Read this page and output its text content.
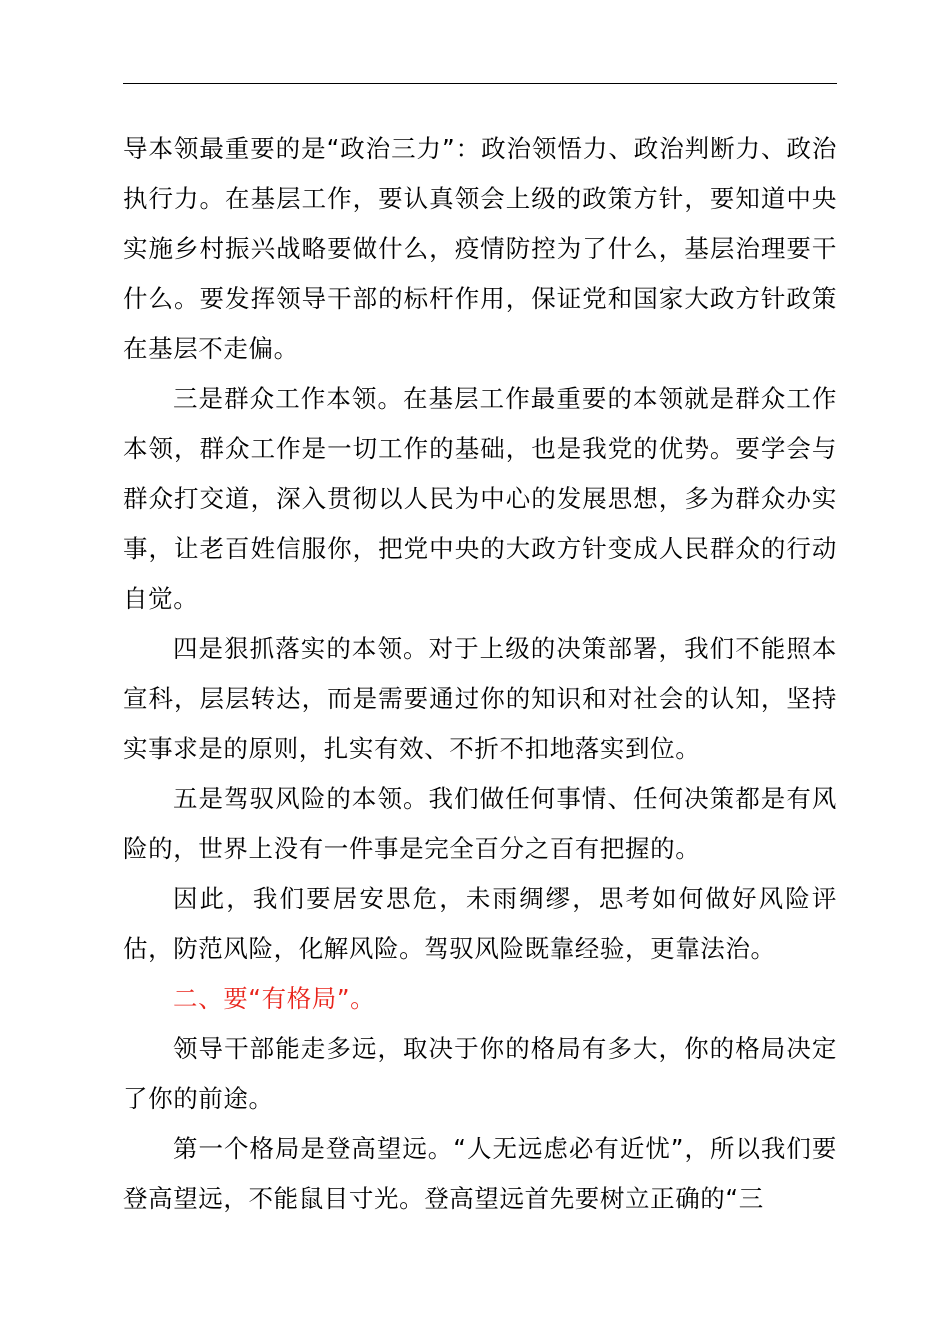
导本领最重要的是“政治三力”：政治领悟力、政治判断力、政治执行力。在基层工作，要认真领会上级的政策方针，要知道中央实施乡村振兴战略要做什么，疫情防控为了什么，基层治理要干什么。要发挥领导干部的标杆作用，保证党和国家大政方针政策在基层不走偏。

三是群众工作本领。在基层工作最重要的本领就是群众工作本领，群众工作是一切工作的基础，也是我党的优势。要学会与群众打交道，深入贯彻以人民为中心的发展思想，多为群众办实事，让老百姓信服你，把党中央的大政方针变成人民群众的行动自觉。

四是狠抓落实的本领。对于上级的决策部署，我们不能照本宣科，层层转达，而是需要通过你的知识和对社会的认知，坚持实事求是的原则，扎实有效、不折不扣地落实到位。

五是驾驭风险的本领。我们做任何事情、任何决策都是有风险的，世界上没有一件事是完全百分之百有把握的。

因此，我们要居安思危，未雨绸缪，思考如何做好风险评估，防范风险，化解风险。驾驭风险既靠经验，更靠法治。

二、要“有格局”。

领导干部能走多远，取决于你的格局有多大，你的格局决定了你的前途。

第一个格局是登高望远。“人无远虑必有近忧”，所以我们要登高望远，不能鼠目寸光。登高望远首先要树立正确的“三
